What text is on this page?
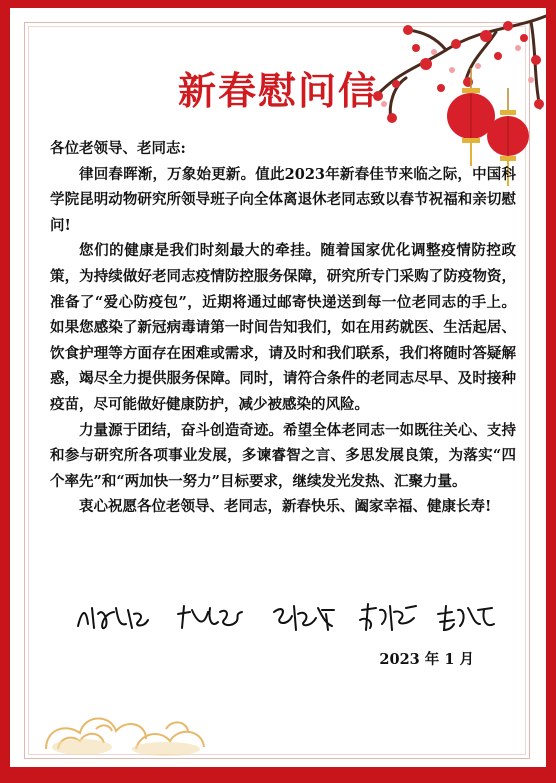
新春慰问信

各位老领导、老同志:

律回春晖渐，万象始更新。值此2023年新春佳节来临之际，中国科学院昆明动物研究所领导班子向全体离退休老同志致以春节祝福和亲切慰问!

您们的健康是我们时刻最大的牵挂。随着国家优化调整疫情防控政策，为持续做好老同志疫情防控服务保障，研究所专门采购了防疫物资，准备了“爱心防疫包”，近期将通过邮寄快递送到每一位老同志的手上。如果您感染了新冠病毒请第一时间告知我们，如在用药就医、生活起居、饮食护理等方面存在困难或需求，请及时和我们联系，我们将随时答疑解惑，竭尽全力提供服务保障。同时，请符合条件的老同志尽早、及时接种疫苗，尽可能做好健康防护，减少被感染的风险。

力量源于团结，奋斗创造奇迹。希望全体老同志一如既往关心、支持和参与研究所各项事业发展，多谏睿智之言、多思发展良策，为落实“四个率先”和“两加快一努力”目标要求，继续发光发热、汇聚力量。

衷心祝愿各位老领导、老同志，新春快乐、阖家幸福、健康长寿!

2023 年 1 月
